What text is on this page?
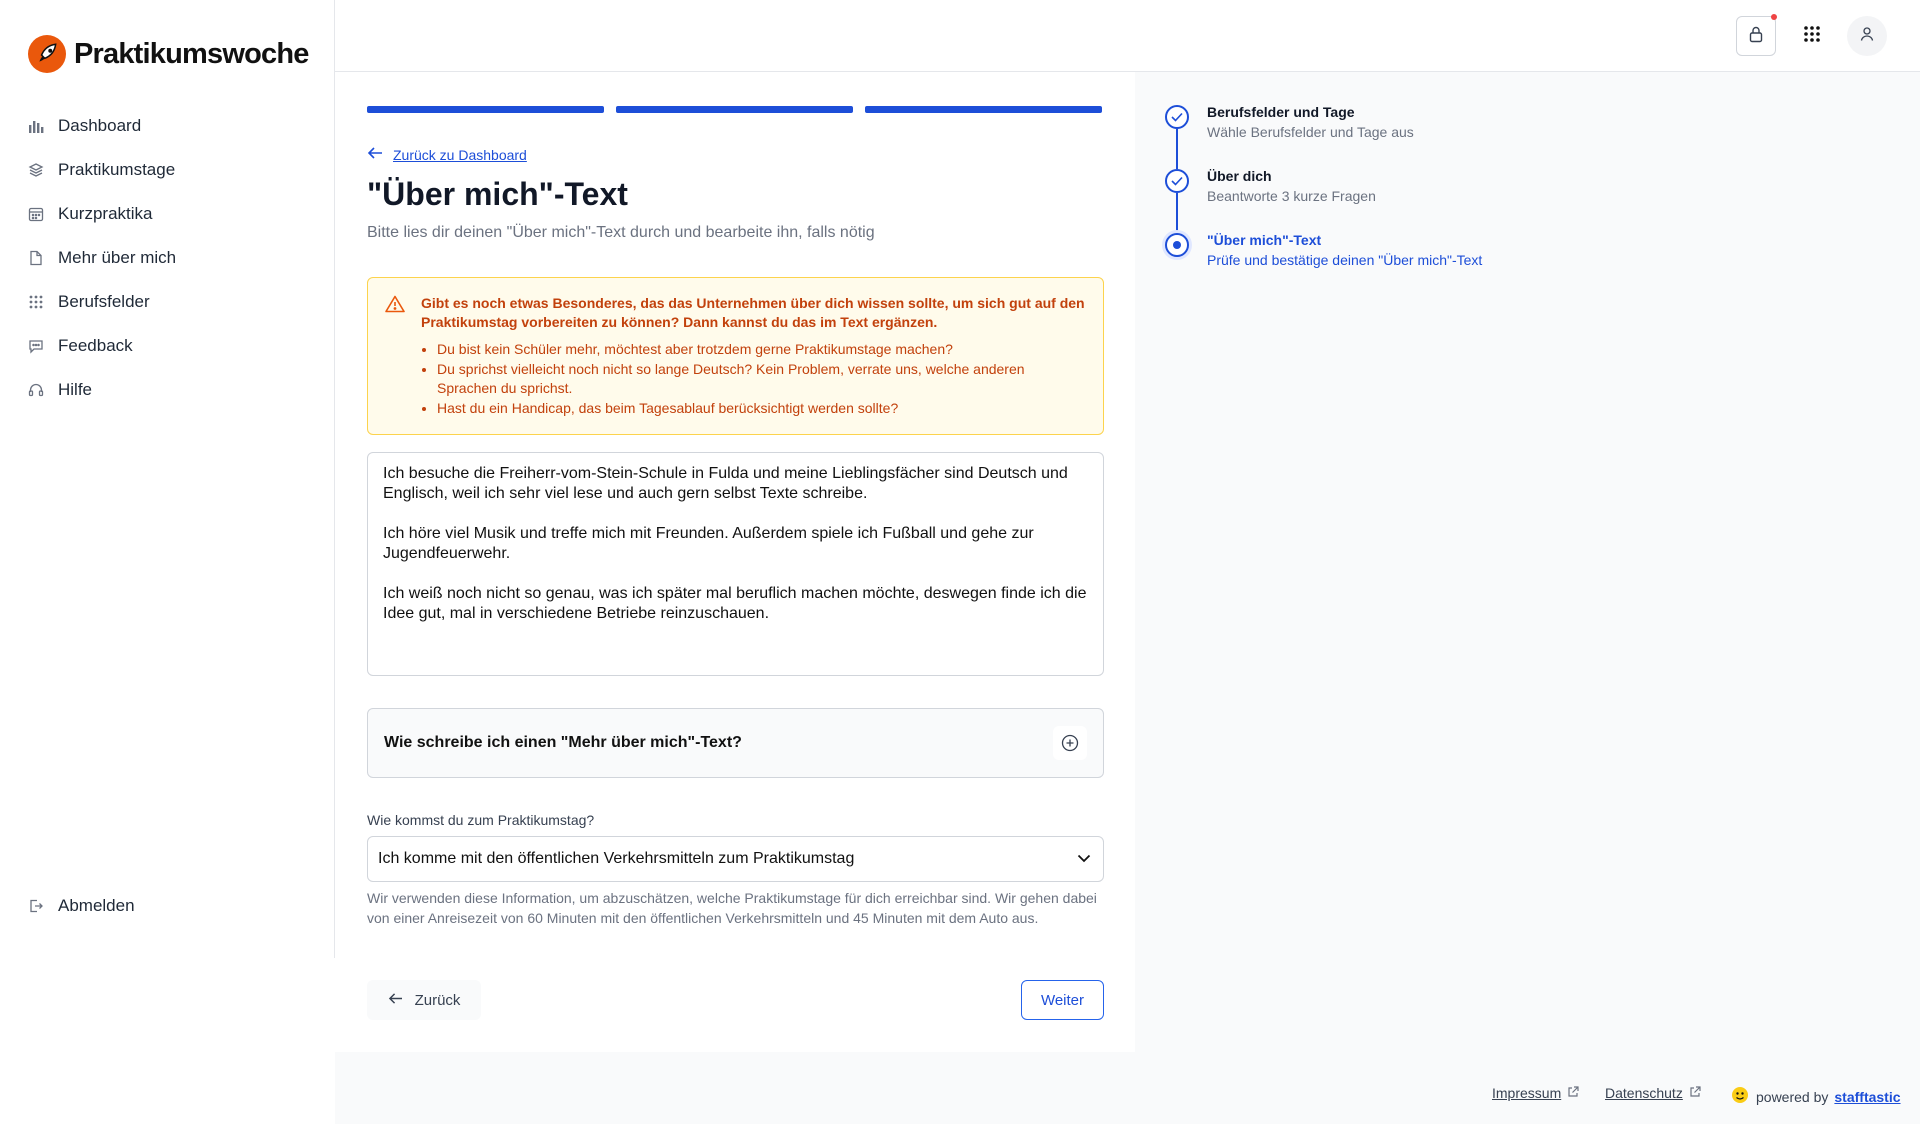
Praktikumswoche
Dashboard
Praktikumstage
Kurzpraktika
Mehr über mich
Berufsfelder
Feedback
Hilfe
Abmelden
Zurück zu Dashboard
"Über mich"-Text

Bitte lies dir deinen "Über mich"-Text durch und bearbeite ihn, falls nötig

Gibt es noch etwas Besonderes, das das Unternehmen über dich wissen sollte, um sich gut auf den Praktikumstag vorbereiten zu können? Dann kannst du das im Text ergänzen.
• Du bist kein Schüler mehr, möchtest aber trotzdem gerne Praktikumstage machen?
• Du sprichst vielleicht noch nicht so lange Deutsch? Kein Problem, verrate uns, welche anderen Sprachen du sprichst.
• Hast du ein Handicap, das beim Tagesablauf berücksichtigt werden sollte?

Ich besuche die Freiherr-vom-Stein-Schule in Fulda und meine Lieblingsfächer sind Deutsch und Englisch, weil ich sehr viel lese und auch gern selbst Texte schreibe.

Ich höre viel Musik und treffe mich mit Freunden. Außerdem spiele ich Fußball und gehe zur Jugendfeuerwehr.

Ich weiß noch nicht so genau, was ich später mal beruflich machen möchte, deswegen finde ich die Idee gut, mal in verschiedene Betriebe reinzuschauen.

Wie schreibe ich einen "Mehr über mich"-Text?
Wie kommst du zum Praktikumstag?
Ich komme mit den öffentlichen Verkehrsmitteln zum Praktikumstag

Wir verwenden diese Information, um abzuschätzen, welche Praktikumstage für dich erreichbar sind. Wir gehen dabei von einer Anreisezeit von 60 Minuten mit den öffentlichen Verkehrsmitteln und 45 Minuten mit dem Auto aus.

Zurück	Weiter
Berufsfelder und Tage
Wähle Berufsfelder und Tage aus
Über dich
Beantworte 3 kurze Fragen
"Über mich"-Text
Prüfe und bestätige deinen "Über mich"-Text
Impressum	Datenschutz	powered by stafftastic
